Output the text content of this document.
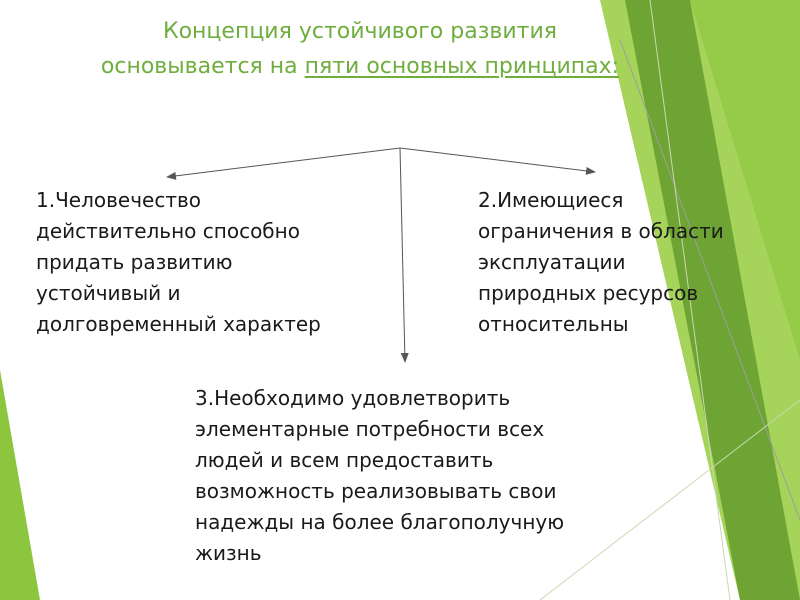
Концепция устойчивого развития
основывается на пяти основных принципах:
1.Человечество
действительно способно
придать развитию
устойчивый и
долговременный характер
2.Имеющиеся
ограничения в области
эксплуатации
природных ресурсов
относительны
3.Необходимо удовлетворить
элементарные потребности всех
людей и всем предоставить
возможность реализовывать свои
надежды на более благополучную
жизнь
